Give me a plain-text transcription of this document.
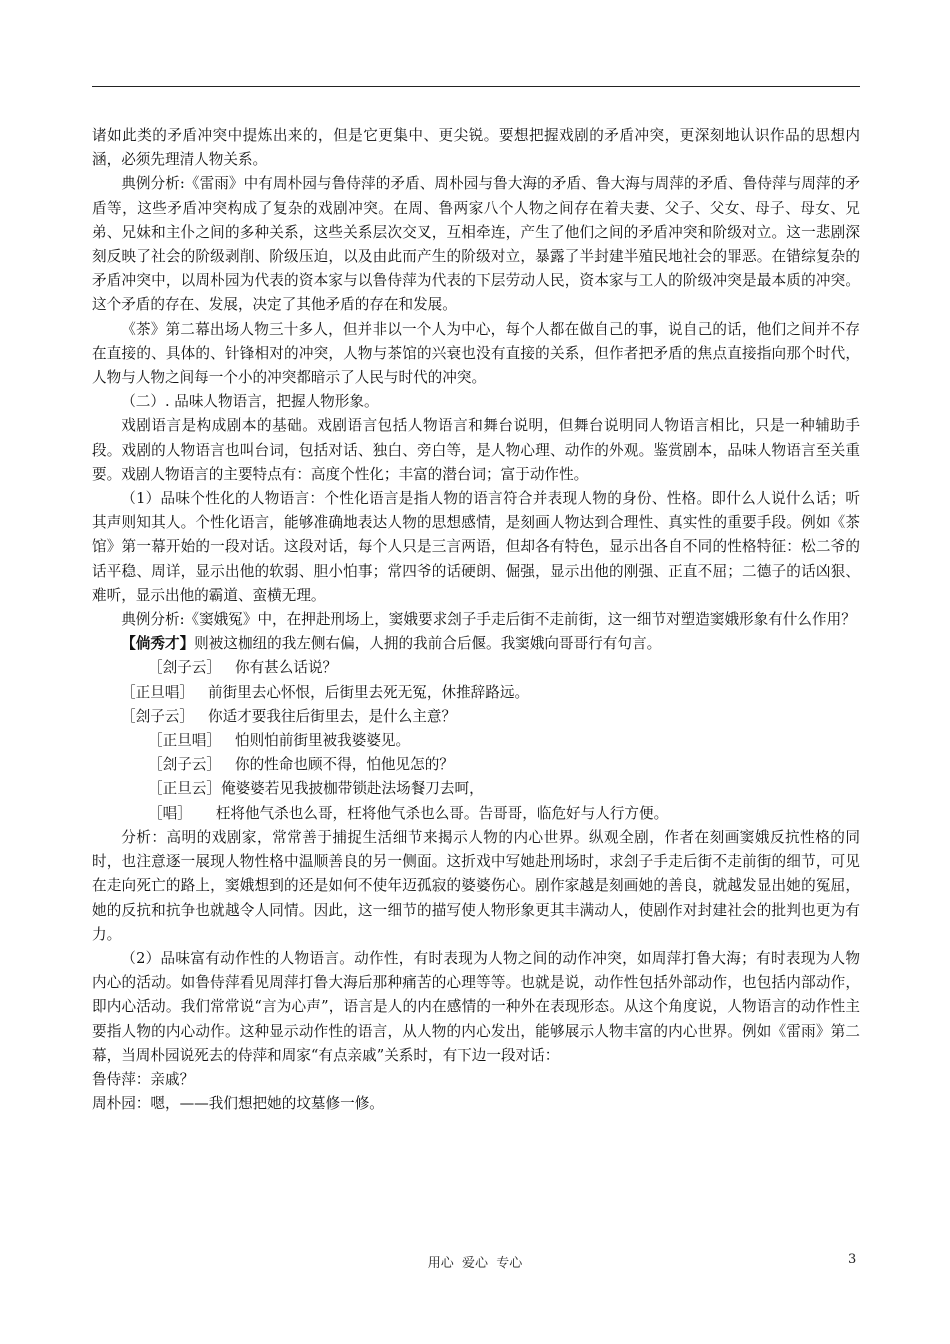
诸如此类的矛盾冲突中提炼出来的，但是它更集中、更尖锐。要想把握戏剧的矛盾冲突，更深刻地认识作品的思想内涵，必须先理清人物关系。

典例分析:《雷雨》中有周朴园与鲁侍萍的矛盾、周朴园与鲁大海的矛盾、鲁大海与周萍的矛盾、鲁侍萍与周萍的矛盾等，这些矛盾冲突构成了复杂的戏剧冲突。在周、鲁两家八个人物之间存在着夫妻、父子、父女、母子、母女、兄弟、兄妹和主仆之间的多种关系，这些关系层次交叉，互相牵连，产生了他们之间的矛盾冲突和阶级对立。这一悲剧深刻反映了社会的阶级剥削、阶级压迫，以及由此而产生的阶级对立，暴露了半封建半殖民地社会的罪恶。在错综复杂的矛盾冲突中，以周朴园为代表的资本家与以鲁侍萍为代表的下层劳动人民，资本家与工人的阶级冲突是最本质的冲突。这个矛盾的存在、发展，决定了其他矛盾的存在和发展。

《茶》第二幕出场人物三十多人，但并非以一个人为中心，每个人都在做自己的事，说自己的话，他们之间并不存在直接的、具体的、针锋相对的冲突，人物与茶馆的兴衰也没有直接的关系，但作者把矛盾的焦点直接指向那个时代，人物与人物之间每一个小的冲突都暗示了人民与时代的冲突。

（二）. 品味人物语言，把握人物形象。

戏剧语言是构成剧本的基础。戏剧语言包括人物语言和舞台说明，但舞台说明同人物语言相比，只是一种辅助手段。戏剧的人物语言也叫台词，包括对话、独白、旁白等，是人物心理、动作的外观。鉴赏剧本，品味人物语言至关重要。戏剧人物语言的主要特点有：高度个性化；丰富的潜台词；富于动作性。

（1）品味个性化的人物语言：个性化语言是指人物的语言符合并表现人物的身份、性格。即什么人说什么话；听其声则知其人。个性化语言，能够准确地表达人物的思想感情，是刻画人物达到合理性、真实性的重要手段。例如《茶馆》第一幕开始的一段对话。这段对话，每个人只是三言两语，但却各有特色，显示出各自不同的性格特征：松二爷的话平稳、周详，显示出他的软弱、胆小怕事；常四爷的话硬朗、倔强，显示出他的刚强、正直不屈；二德子的话凶狠、难听，显示出他的霸道、蛮横无理。

典例分析:《窦娥冤》中，在押赴刑场上，窦娥要求刽子手走后街不走前街，这一细节对塑造窦娥形象有什么作用？

【倘秀才】则被这枷纽的我左侧右偏，人拥的我前合后偃。我窦娥向哥哥行有句言。

［刽子云］ 你有甚么话说？

［正旦唱］ 前街里去心怀恨，后街里去死无冤，休推辞路远。

［刽子云］ 你适才要我往后街里去，是什么主意？

［正旦唱］ 怕则怕前街里被我婆婆见。

［刽子云］ 你的性命也顾不得，怕他见怎的？

［正旦云］俺婆婆若见我披枷带锁赴法场餐刀去呵，

［唱］ 枉将他气杀也么哥，枉将他气杀也么哥。告哥哥，临危好与人行方便。

分析：高明的戏剧家，常常善于捕捉生活细节来揭示人物的内心世界。纵观全剧，作者在刻画窦娥反抗性格的同时，也注意逐一展现人物性格中温顺善良的另一侧面。这折戏中写她赴刑场时，求刽子手走后街不走前街的细节，可见在走向死亡的路上，窦娥想到的还是如何不使年迈孤寂的婆婆伤心。剧作家越是刻画她的善良，就越发显出她的冤屈，她的反抗和抗争也就越令人同情。因此，这一细节的描写使人物形象更其丰满动人，使剧作对封建社会的批判也更为有力。

（2）品味富有动作性的人物语言。动作性，有时表现为人物之间的动作冲突，如周萍打鲁大海；有时表现为人物内心的活动。如鲁侍萍看见周萍打鲁大海后那种痛苦的心理等等。也就是说，动作性包括外部动作，也包括内部动作，即内心活动。我们常常说“言为心声”，语言是人的内在感情的一种外在表现形态。从这个角度说，人物语言的动作性主要指人物的内心动作。这种显示动作性的语言，从人物的内心发出，能够展示人物丰富的内心世界。例如《雷雨》第二幕，当周朴园说死去的侍萍和周家“有点亲戚”关系时，有下边一段对话：

鲁侍萍：亲戚？

周朴园：嗯，——我们想把她的坟墓修一修。

用心  爱心  专心	3
